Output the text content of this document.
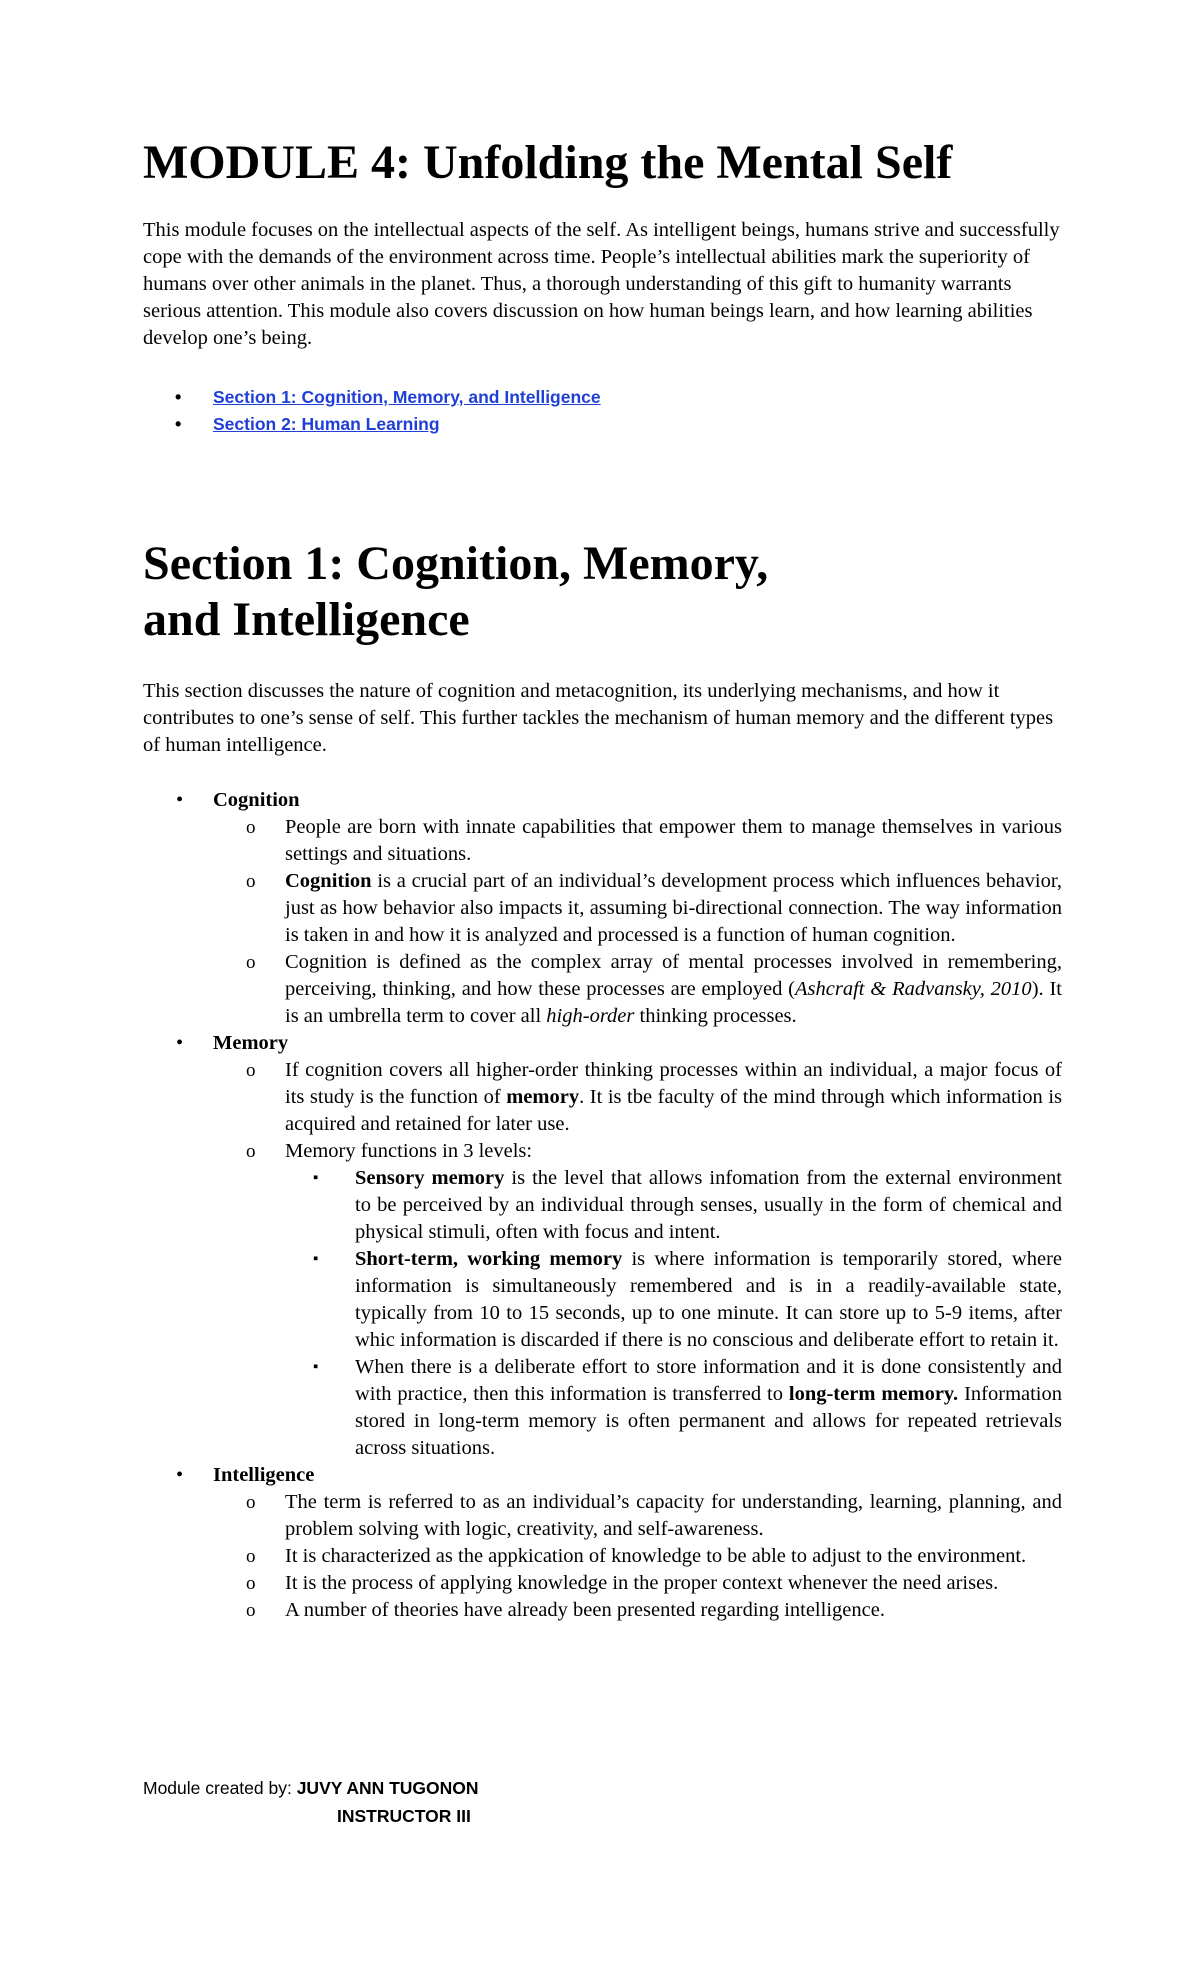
MODULE 4: Unfolding the Mental Self

This module focuses on the intellectual aspects of the self. As intelligent beings, humans strive and successfully cope with the demands of the environment across time. People’s intellectual abilities mark the superiority of humans over other animals in the planet. Thus, a thorough understanding of this gift to humanity warrants serious attention. This module also covers discussion on how human beings learn, and how learning abilities develop one’s being.

• Section 1: Cognition, Memory, and Intelligence
• Section 2: Human Learning
Section 1: Cognition, Memory,
and Intelligence

This section discusses the nature of cognition and metacognition, its underlying mechanisms, and how it contributes to one’s sense of self. This further tackles the mechanism of human memory and the different types of human intelligence.

• Cognition
o People are born with innate capabilities that empower them to manage themselves in various settings and situations.
o Cognition is a crucial part of an individual’s development process which influences behavior, just as how behavior also impacts it, assuming bi-directional connection. The way information is taken in and how it is analyzed and processed is a function of human cognition.
o Cognition is defined as the complex array of mental processes involved in remembering, perceiving, thinking, and how these processes are employed (Ashcraft & Radvansky, 2010). It is an umbrella term to cover all high-order thinking processes.
• Memory
o If cognition covers all higher-order thinking processes within an individual, a major focus of its study is the function of memory. It is tbe faculty of the mind through which information is acquired and retained for later use.
o Memory functions in 3 levels:
▪ Sensory memory is the level that allows infomation from the external environment to be perceived by an individual through senses, usually in the form of chemical and physical stimuli, often with focus and intent.
▪ Short-term, working memory is where information is temporarily stored, where information is simultaneously remembered and is in a readily-available state, typically from 10 to 15 seconds, up to one minute. It can store up to 5-9 items, after whic information is discarded if there is no conscious and deliberate effort to retain it.
▪ When there is a deliberate effort to store information and it is done consistently and with practice, then this information is transferred to long-term memory. Information stored in long-term memory is often permanent and allows for repeated retrievals across situations.
• Intelligence
o The term is referred to as an individual’s capacity for understanding, learning, planning, and problem solving with logic, creativity, and self-awareness.
o It is characterized as the appkication of knowledge to be able to adjust to the environment.
o It is the process of applying knowledge in the proper context whenever the need arises.
o A number of theories have already been presented regarding intelligence.
Module created by: JUVY ANN TUGONON
INSTRUCTOR III
